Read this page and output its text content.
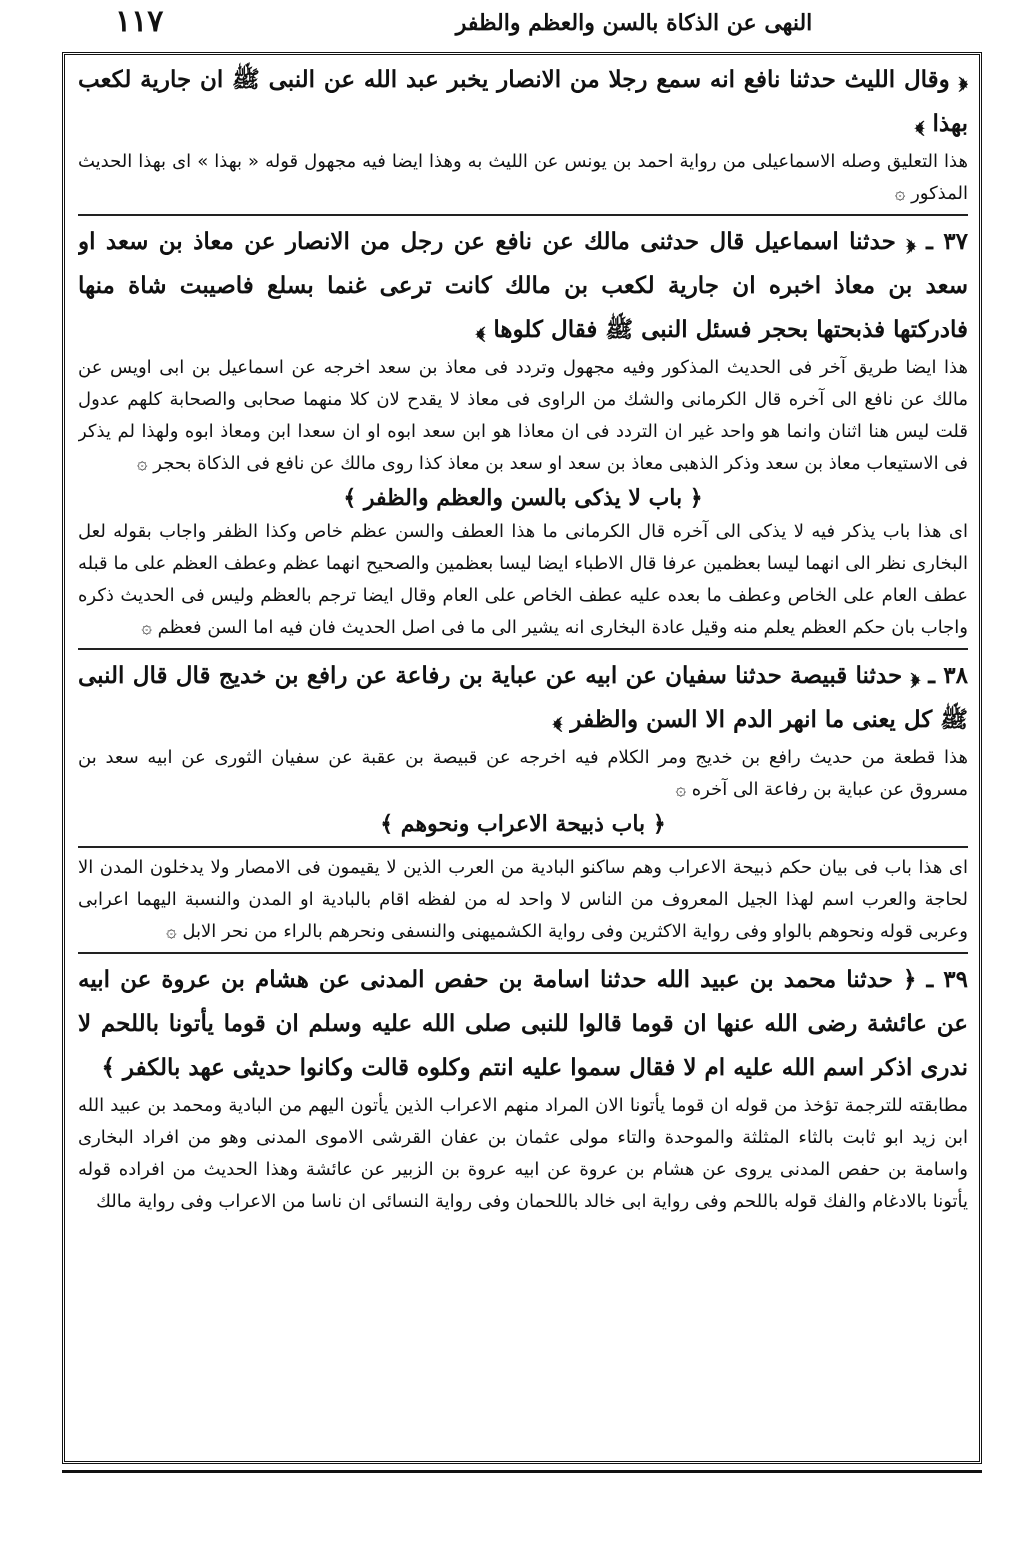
١١٧	النهى عن الذكاة بالسن والعظم والظفر

﴿ وقال الليث حدثنا نافع انه سمع رجلا من الانصار يخبر عبد الله عن النبى ﷺ ان جارية لكعب بهذا ﴾

هذا التعليق وصله الاسماعيلى من رواية احمد بن يونس عن الليث به وهذا ايضا فيه مجهول قوله « بهذا » اى بهذا الحديث المذكور ۞

٣٧ ـ ﴿ حدثنا اسماعيل قال حدثنى مالك عن نافع عن رجل من الانصار عن معاذ بن سعد او سعد بن معاذ اخبره ان جارية لكعب بن مالك كانت ترعى غنما بسلع فاصيبت شاة منها فادركتها فذبحتها بحجر فسئل النبى ﷺ فقال كلوها ﴾

هذا ايضا طريق آخر فى الحديث المذكور وفيه مجهول وتردد فى معاذ بن سعد اخرجه عن اسماعيل بن ابى اويس عن مالك عن نافع الى آخره قال الكرمانى والشك من الراوى فى معاذ لا يقدح لان كلا منهما صحابى والصحابة كلهم عدول قلت ليس هنا اثنان وانما هو واحد غير ان التردد فى ان معاذا هو ابن سعد ابوه او ان سعدا ابن ومعاذ ابوه ولهذا لم يذكر فى الاستيعاب معاذ بن سعد وذكر الذهبى معاذ بن سعد او سعد بن معاذ كذا روى مالك عن نافع فى الذكاة بحجر ۞

﴿ باب لا يذكى بالسن والعظم والظفر ﴾

اى هذا باب يذكر فيه لا يذكى الى آخره قال الكرمانى ما هذا العطف والسن عظم خاص وكذا الظفر واجاب بقوله لعل البخارى نظر الى انهما ليسا بعظمين عرفا قال الاطباء ايضا ليسا بعظمين والصحيح انهما عظم وعطف العظم على ما قبله عطف العام على الخاص وعطف ما بعده عليه عطف الخاص على العام وقال ايضا ترجم بالعظم وليس فى الحديث ذكره واجاب بان حكم العظم يعلم منه وقيل عادة البخارى انه يشير الى ما فى اصل الحديث فان فيه اما السن فعظم ۞

٣٨ ـ ﴿ حدثنا قبيصة حدثنا سفيان عن ابيه عن عباية بن رفاعة عن رافع بن خديج قال قال النبى ﷺ كل يعنى ما انهر الدم الا السن والظفر ﴾

هذا قطعة من حديث رافع بن خديج ومر الكلام فيه اخرجه عن قبيصة بن عقبة عن سفيان الثورى عن ابيه سعد بن مسروق عن عباية بن رفاعة الى آخره ۞

﴿ باب ذبيحة الاعراب ونحوهم ﴾

اى هذا باب فى بيان حكم ذبيحة الاعراب وهم ساكنو البادية من العرب الذين لا يقيمون فى الامصار ولا يدخلون المدن الا لحاجة والعرب اسم لهذا الجيل المعروف من الناس لا واحد له من لفظه اقام بالبادية او المدن والنسبة اليهما اعرابى وعربى قوله ونحوهم بالواو وفى رواية الاكثرين وفى رواية الكشميهنى والنسفى ونحرهم بالراء من نحر الابل ۞

٣٩ ـ ﴿ حدثنا محمد بن عبيد الله حدثنا اسامة بن حفص المدنى عن هشام بن عروة عن ابيه عن عائشة رضى الله عنها ان قوما قالوا للنبى صلى الله عليه وسلم ان قوما يأتونا باللحم لا ندرى اذكر اسم الله عليه ام لا فقال سموا عليه انتم وكلوه قالت وكانوا حديثى عهد بالكفر ﴾

مطابقته للترجمة تؤخذ من قوله ان قوما يأتونا الان المراد منهم الاعراب الذين يأتون اليهم من البادية ومحمد بن عبيد الله ابن زيد ابو ثابت بالثاء المثلثة والموحدة والتاء مولى عثمان بن عفان القرشى الاموى المدنى وهو من افراد البخارى واسامة بن حفص المدنى يروى عن هشام بن عروة عن ابيه عروة بن الزبير عن عائشة وهذا الحديث من افراده قوله يأتونا بالادغام والفك قوله باللحم وفى رواية ابى خالد باللحمان وفى رواية النسائى ان ناسا من الاعراب وفى رواية مالك
